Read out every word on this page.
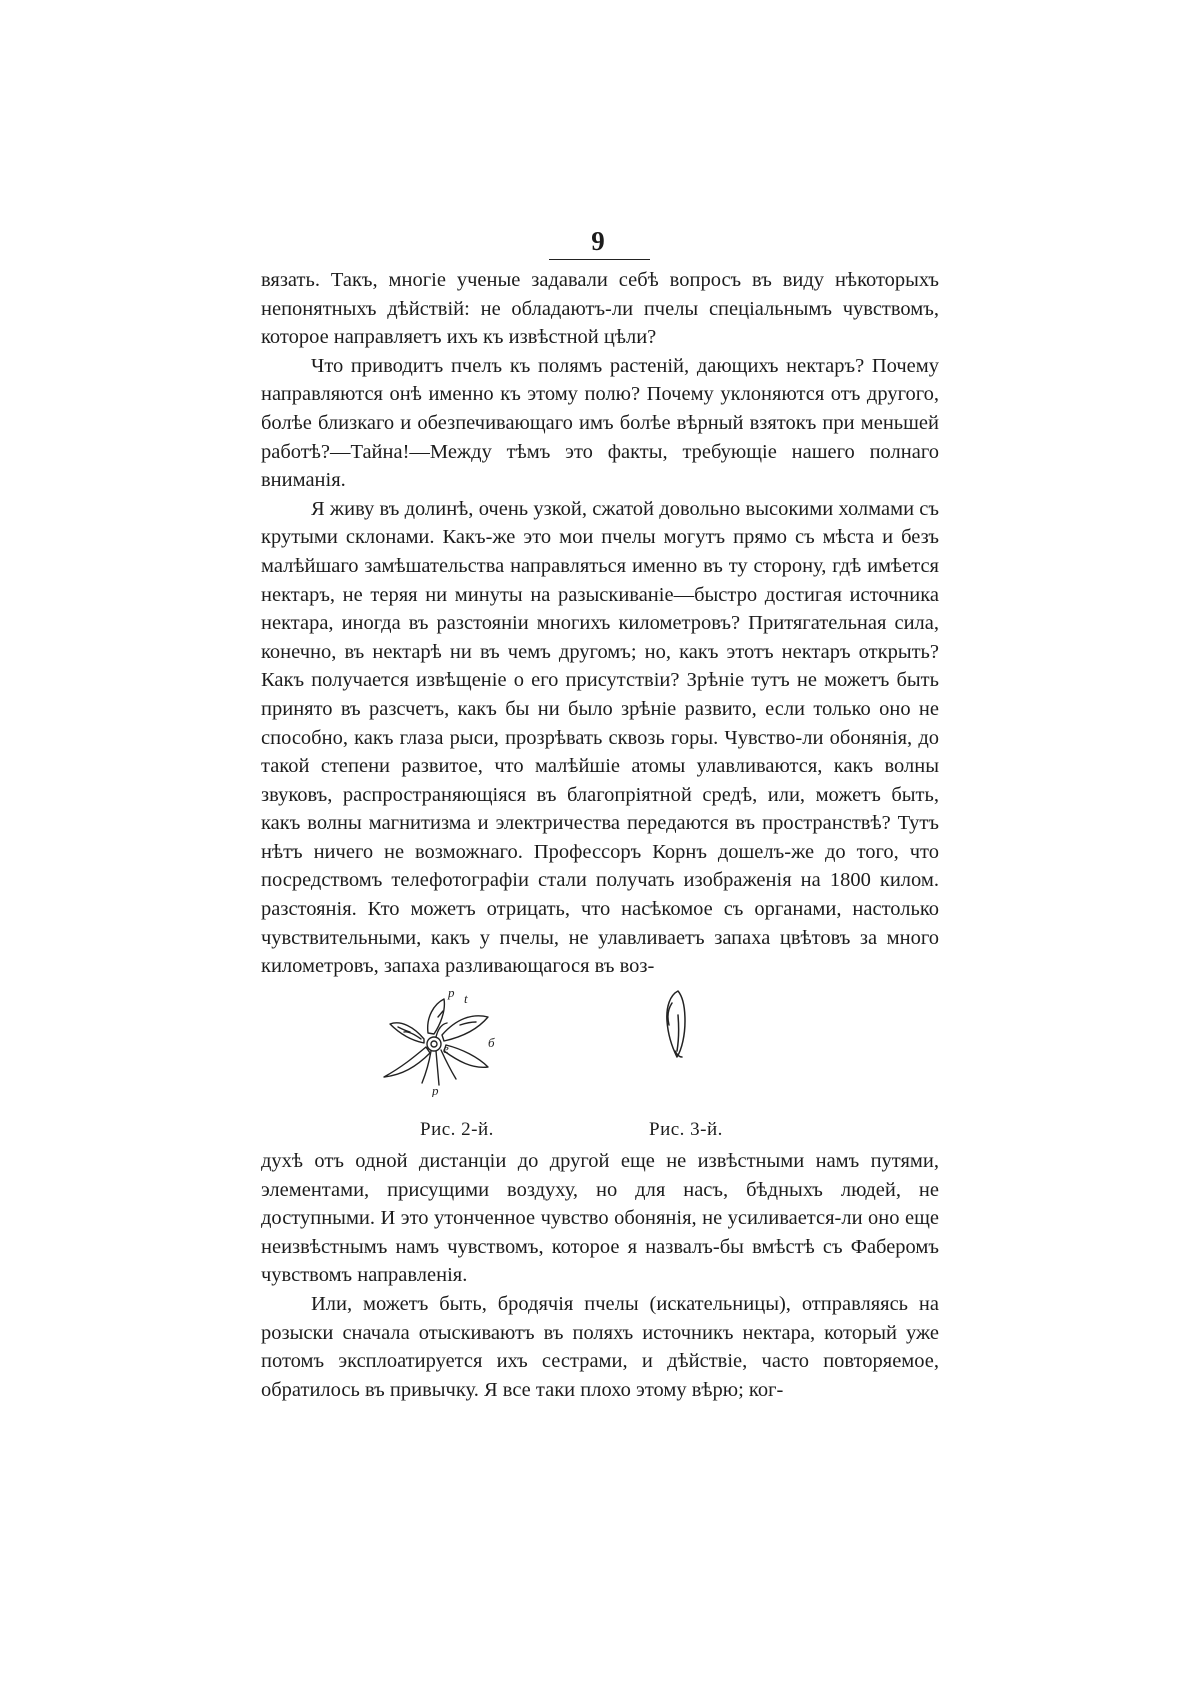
9

вязать. Такъ, многіе ученые задавали себѣ вопросъ въ виду нѣкоторыхъ непонятныхъ дѣйствій: не обладаютъ-ли пчелы спеціальнымъ чувствомъ, которое направляетъ ихъ къ извѣстной цѣли?

Что приводитъ пчелъ къ полямъ растеній, дающихъ нектаръ? Почему направляются онѣ именно къ этому полю? Почему уклоняются отъ другого, болѣе близкаго и обезпечивающаго имъ болѣе вѣрный взятокъ при меньшей работѣ?—Тайна!—Между тѣмъ это факты, требующіе нашего полнаго вниманія.

Я живу въ долинѣ, очень узкой, сжатой довольно высокими холмами съ крутыми склонами. Какъ-же это мои пчелы могутъ прямо съ мѣста и безъ малѣйшаго замѣшательства направляться именно въ ту сторону, гдѣ имѣется нектаръ, не теряя ни минуты на разыскиваніе—быстро достигая источника нектара, иногда въ разстояніи многихъ километровъ? Притягательная сила, конечно, въ нектарѣ ни въ чемъ другомъ; но, какъ этотъ нектаръ открыть? Какъ получается извѣщеніе о его присутствіи? Зрѣніе тутъ не можетъ быть принято въ разсчетъ, какъ бы ни было зрѣніе развито, если только оно не способно, какъ глаза рыси, прозрѣвать сквозь горы. Чувство-ли обонянія, до такой степени развитое, что малѣйшіе атомы улавливаются, какъ волны звуковъ, распространяющіяся въ благопріятной средѣ, или, можетъ быть, какъ волны магнитизма и электричества передаются въ пространствѣ? Тутъ нѣтъ ничего не возможнаго. Профессоръ Корнъ дошелъ-же до того, что посредствомъ телефотографіи стали получать изображенія на 1800 килом. разстоянія. Кто можетъ отрицать, что насѣкомое съ органами, настолько чувствительными, какъ у пчелы, не улавливаетъ запаха цвѣтовъ за много километровъ, запаха разливающагося въ воз-

p t
e	б
p
Рис. 2-й.	Рис. 3-й.

духѣ отъ одной дистанціи до другой еще не извѣстными намъ путями, элементами, присущими воздуху, но для насъ, бѣдныхъ людей, не доступными. И это утонченное чувство обонянія, не усиливается-ли оно еще неизвѣстнымъ намъ чувствомъ, которое я назвалъ-бы вмѣстѣ съ Фаберомъ чувствомъ направленія.

Или, можетъ быть, бродячія пчелы (искательницы), отправляясь на розыски сначала отыскиваютъ въ поляхъ источникъ нектара, который уже потомъ эксплоатируется ихъ сестрами, и дѣйствіе, часто повторяемое, обратилось въ привычку. Я все таки плохо этому вѣрю; ког-
